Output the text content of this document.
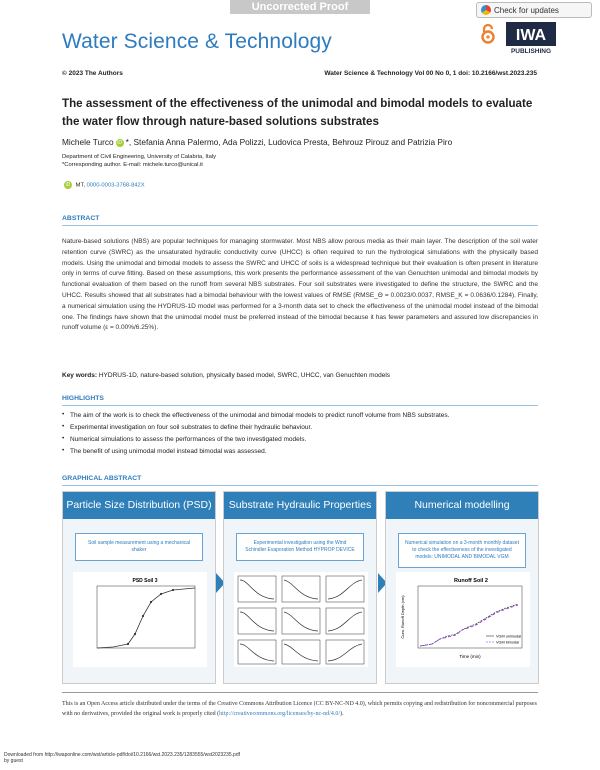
Uncorrected Proof	Check for updates
Water Science & Technology	IWA
PUBLISHING
© 2023 The Authors	Water Science & Technology Vol 00 No 0, 1 doi: 10.2166/wst.2023.235
The assessment of the effectiveness of the unimodal and bimodal models to evaluate the water flow through nature-based solutions substrates
Michele Turco iD *, Stefania Anna Palermo, Ada Polizzi, Ludovica Presta, Behrouz Pirouz and Patrizia Piro
Department of Civil Engineering, University of Calabria, Italy
*Corresponding author. E-mail: michele.turco@unical.it
iD MT, 0000-0003-3768-842X
ABSTRACT
Nature-based solutions (NBS) are popular techniques for managing stormwater. Most NBS allow porous media as their main layer. The description of the soil water retention curve (SWRC) as the unsaturated hydraulic conductivity curve (UHCC) is often required to run the hydrological simulations with the physically based models. Using the unimodal and bimodal models to assess the SWRC and UHCC of soils is a widespread technique but their evaluation is often present in literature only in terms of curve fitting. Based on these assumptions, this work presents the performance assessment of the van Genuchten unimodal and bimodal models by functional evaluation of them based on the runoff from several NBS substrates. Four soil substrates were investigated to define the structure, the SWRC and the UHCC. Results showed that all substrates had a bimodal behaviour with the lowest values of RMSE (RMSE_Θ = 0.0023/0.0037, RMSE_K = 0.0636/0.1284). Finally, a numerical simulation using the HYDRUS-1D model was performed for a 3-month data set to check the effectiveness of the unimodal model instead of the bimodal one. The findings have shown that the unimodal model must be preferred instead of the bimodal because it has fewer parameters and assured low discrepancies in runoff volume (ε = 0.00%/6.25%).
Key words: HYDRUS-1D, nature-based solution, physically based model, SWRC, UHCC, van Genuchten models
HIGHLIGHTS
• The aim of the work is to check the effectiveness of the unimodal and bimodal models to predict runoff volume from NBS substrates.
• Experimental investigation on four soil substrates to define their hydraulic behaviour.
• Numerical simulations to assess the performances of the two investigated models.
• The benefit of using unimodal model instead bimodal was assessed.
GRAPHICAL ABSTRACT
Particle Size Distribution (PSD)
Soil sample measurement using a mechanical shaker
PSD Soil 3
Substrate Hydraulic Properties
Experimental investigation using the Wind Schindler Evaporation Method HYPROP DEVICE
Numerical modelling
Numerical simulation on a 3-month monthly dataset to check the effectiveness of the investigated models: UNIMODAL AND BIMODAL VGM
Runoff Soil 2
Cum. Runoff Depth (cm)
Time (min)
VGM unimodal
VGM bimodal
This is an Open Access article distributed under the terms of the Creative Commons Attribution Licence (CC BY-NC-ND 4.0), which permits copying and redistribution for noncommercial purposes with no derivatives, provided the original work is properly cited (http://creativecommons.org/licenses/by-nc-nd/4.0/).
Downloaded from http://iwaponline.com/wst/article-pdf/doi/10.2166/wst.2023.235/1283555/wst2023235.pdf
by guest
